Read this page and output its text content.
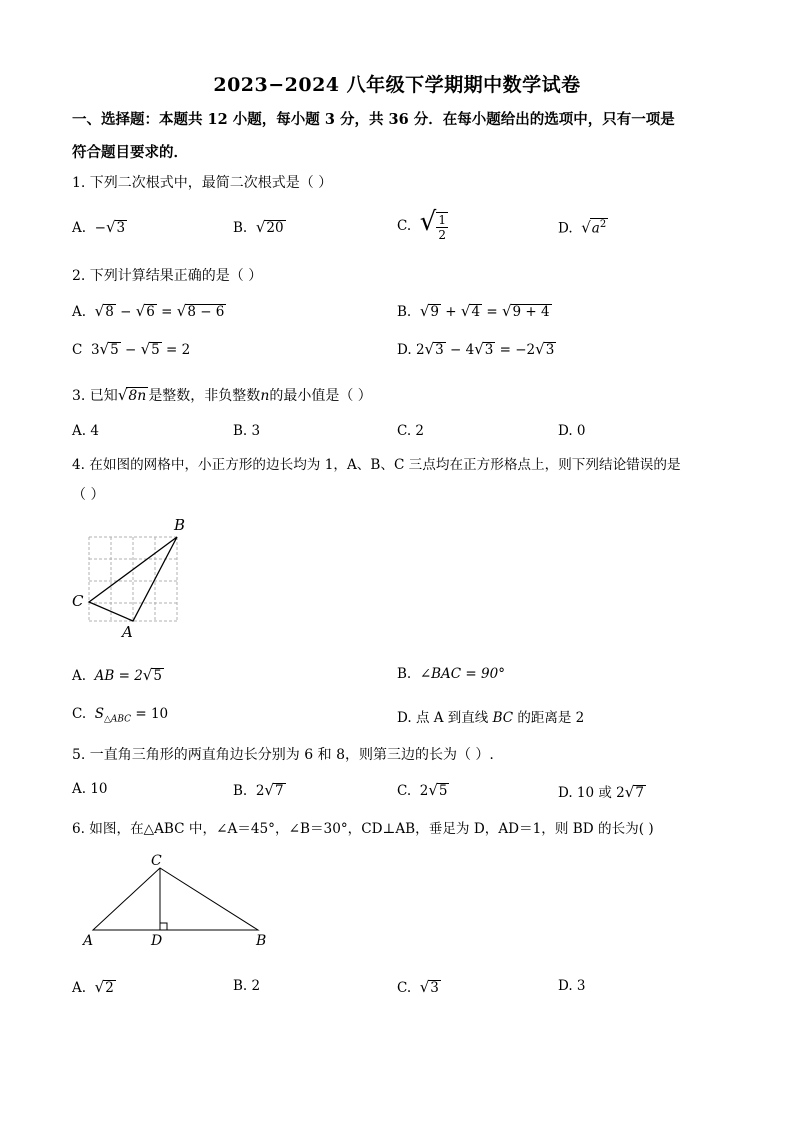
2023−2024 八年级下学期期中数学试卷
一、选择题：本题共 12 小题，每小题 3 分，共 36 分．在每小题给出的选项中，只有一项是
符合题目要求的．
1. 下列二次根式中，最简二次根式是（ ）
A. −√3	B. √20	C. √ $\frac{1}{2}$	D. $√a^2$
2. 下列计算结果正确的是（ ）
A. √8 − √6 = √8 − 6	B. √9 + √4 = √9 + 4
C 3√5 − √5 = 2	D. 2√3 − 4√3 = −2√3
3. 已知√8n 是整数，非负整数n的最小值是（ ）
A. 4	B. 3	C. 2	D. 0
4. 在如图的网格中，小正方形的边长均为 1，A、B、C 三点均在正方形格点上，则下列结论错误的是
（ ）
B
C
A
A. AB = 2√5	B. ∠BAC = 90°
C. $S_{\triangle ABC} = 10$	D. 点 A 到直线 BC 的距离是 2
5. 一直角三角形的两直角边长分别为 6 和 8，则第三边的长为（ ）.
A. 10	B. 2√7	C. 2√5	D. 10 或 2√7
6. 如图，在△ABC 中，∠A＝45°，∠B＝30°，CD⊥AB，垂足为 D，AD＝1，则 BD 的长为( )
C
A	D	B
A. √2	B. 2	C. √3	D. 3
